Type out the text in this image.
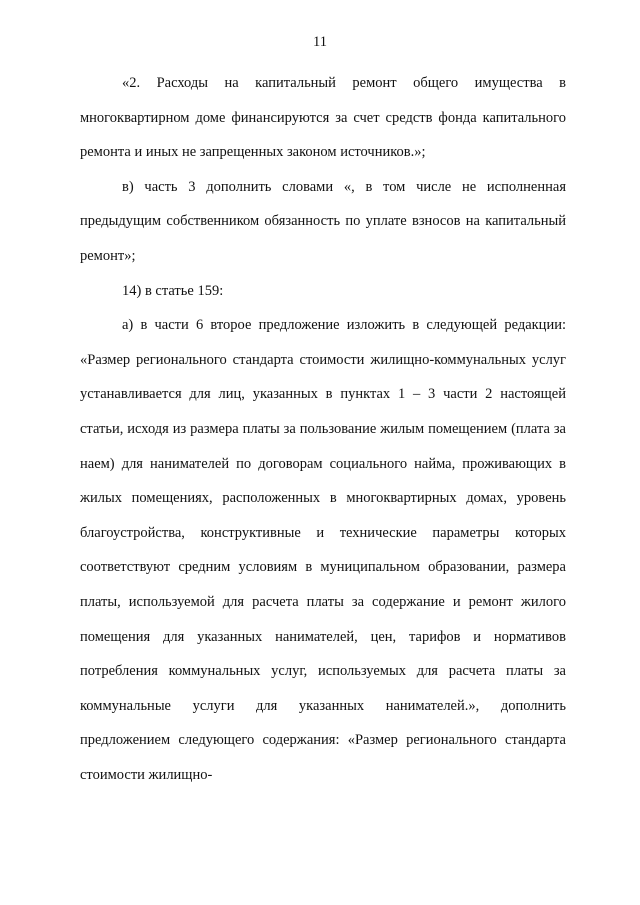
11

«2. Расходы на капитальный ремонт общего имущества в многоквартирном доме финансируются за счет средств фонда капитального ремонта и иных не запрещенных законом источников.»;

в) часть 3 дополнить словами «, в том числе не исполненная предыдущим собственником обязанность по уплате взносов на капитальный ремонт»;

14) в статье 159:

а) в части 6 второе предложение изложить в следующей редакции: «Размер регионального стандарта стоимости жилищно-коммунальных услуг устанавливается для лиц, указанных в пунктах 1 – 3 части 2 настоящей статьи, исходя из размера платы за пользование жилым помещением (плата за наем) для нанимателей по договорам социального найма, проживающих в жилых помещениях, расположенных в многоквартирных домах, уровень благоустройства, конструктивные и технические параметры которых соответствуют средним условиям в муниципальном образовании, размера платы, используемой для расчета платы за содержание и ремонт жилого помещения для указанных нанимателей, цен, тарифов и нормативов потребления коммунальных услуг, используемых для расчета платы за коммунальные услуги для указанных нанимателей.», дополнить предложением следующего содержания: «Размер регионального стандарта стоимости жилищно-
